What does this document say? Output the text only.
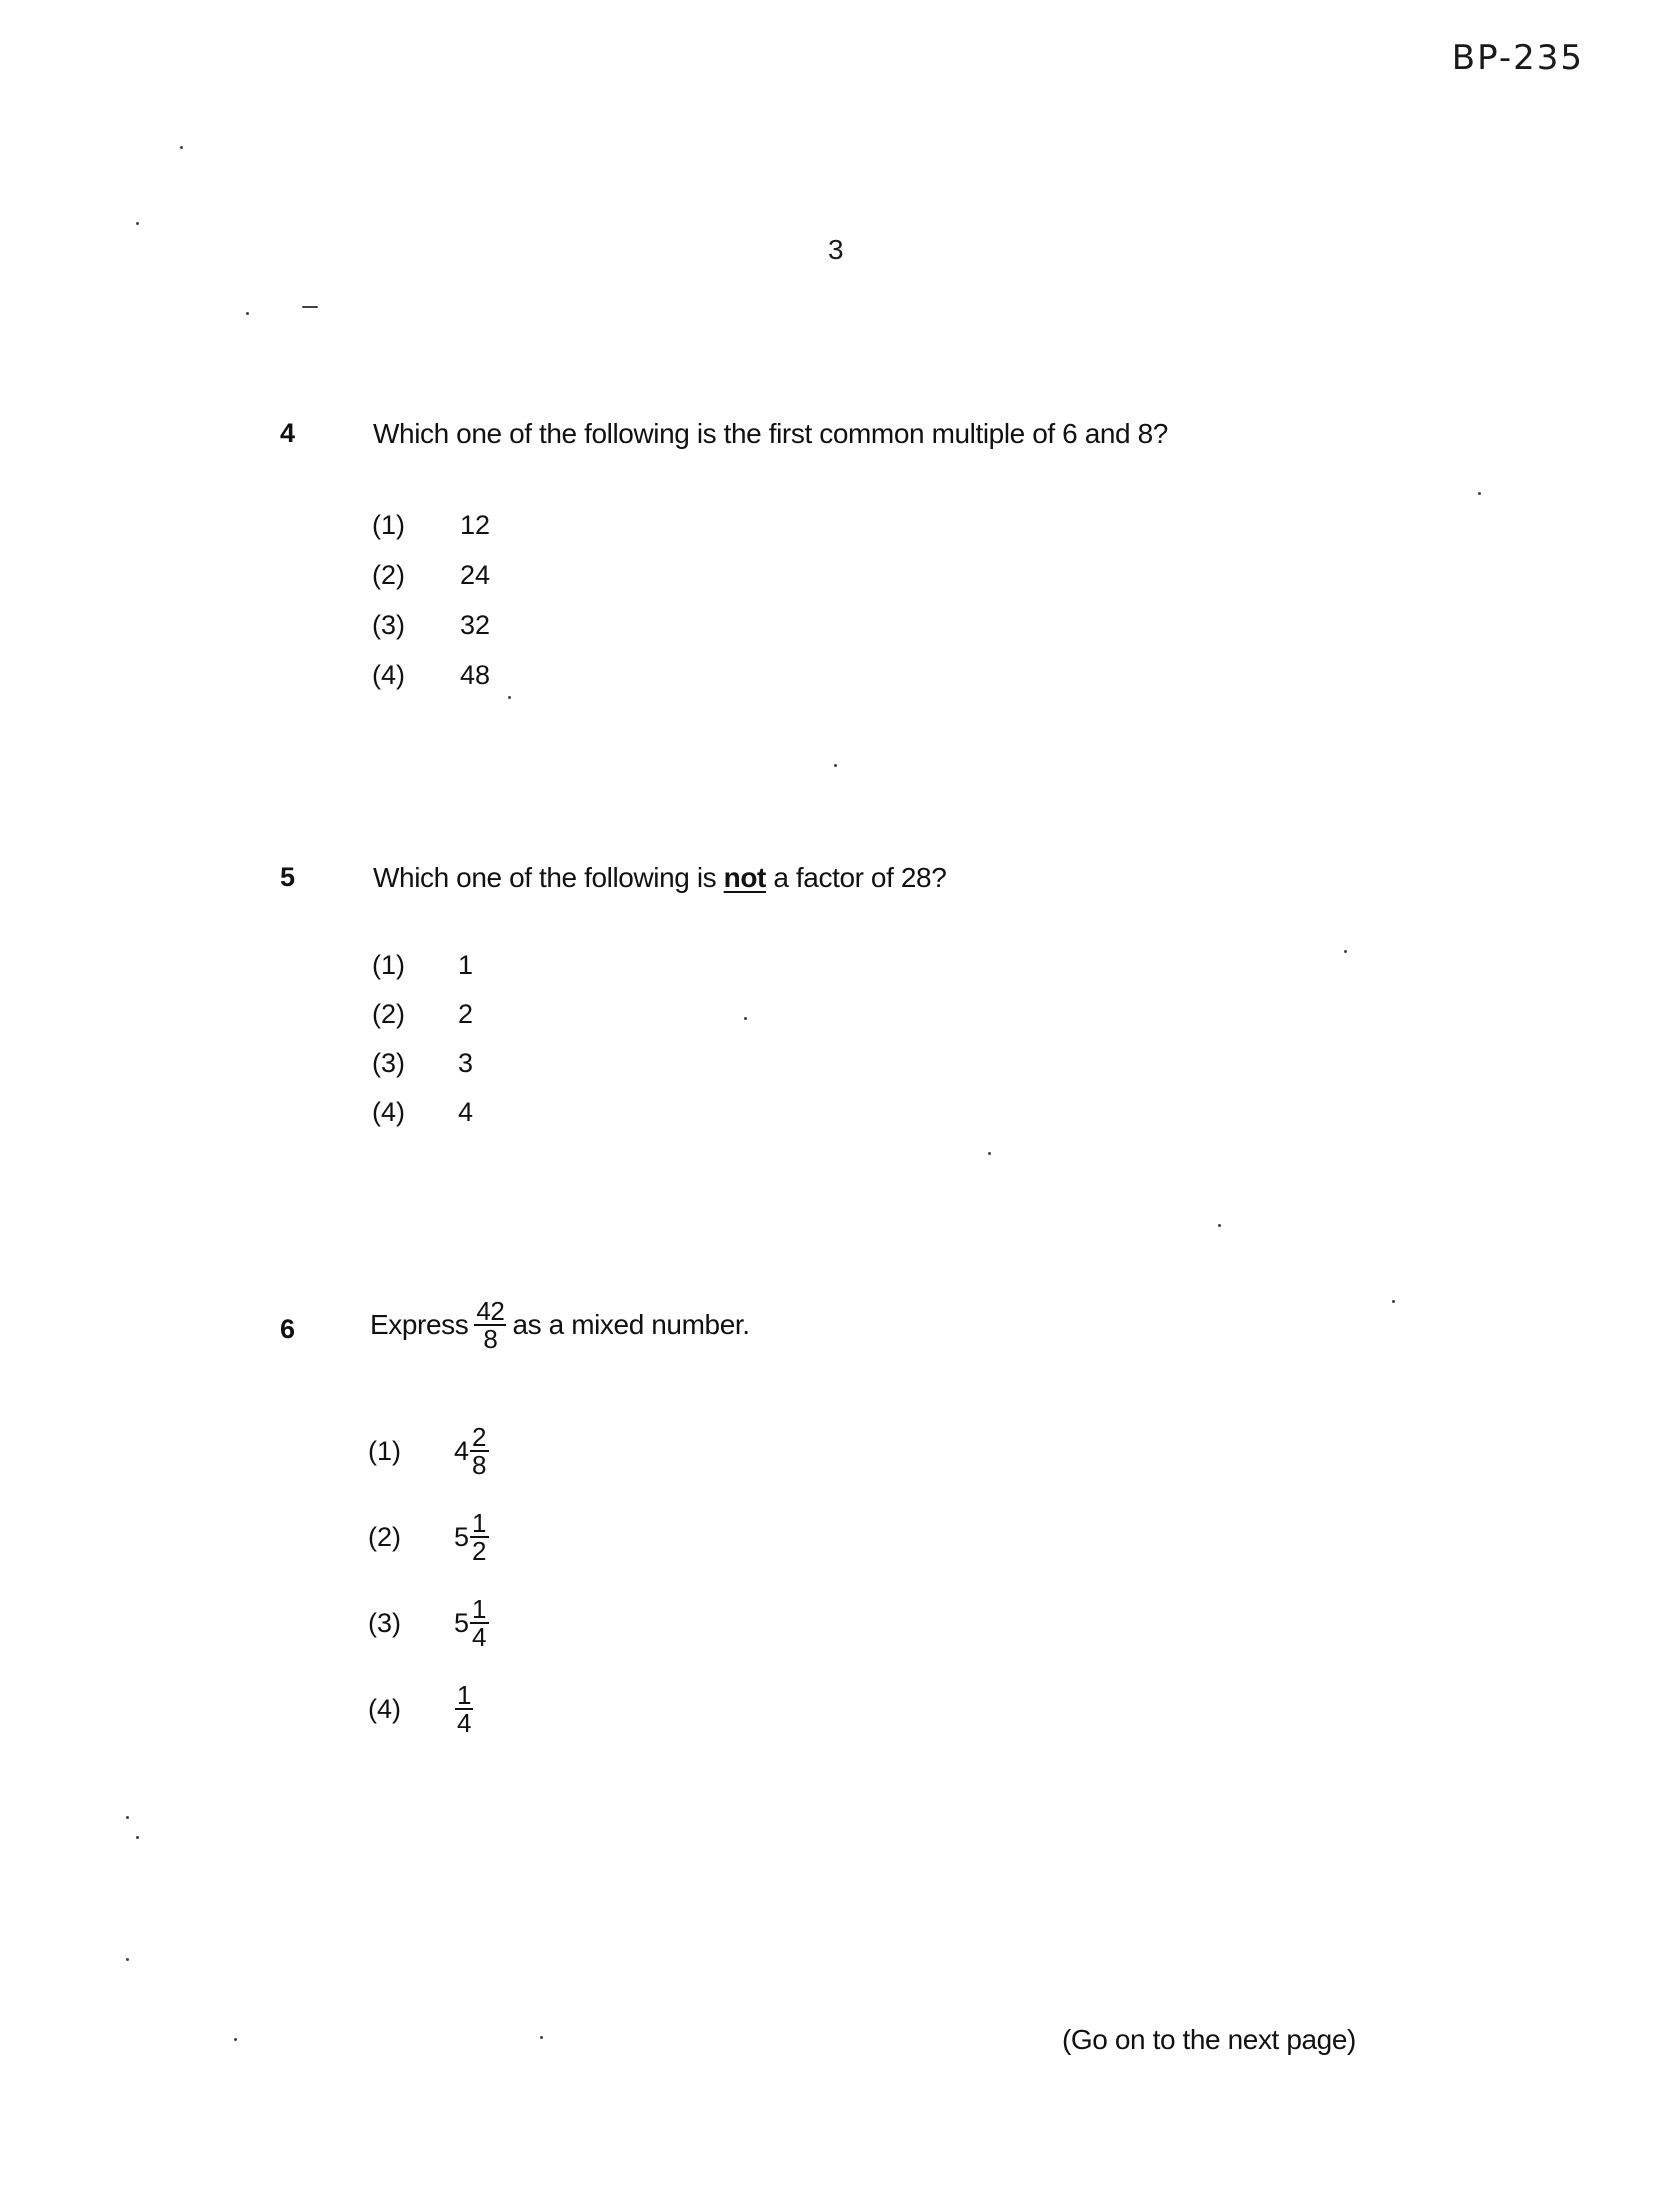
BP-235
3
4	Which one of the following is the first common multiple of 6 and 8?
(1) 12
(2) 24
(3) 32
(4) 48
5	Which one of the following is not a factor of 28?
(1) 1
(2) 2
(3) 3
(4) 4
6	Express $\frac{42}{8}$ as a mixed number.
(1)	$4 \frac{2}{8}$
(2)	$5 \frac{1}{2}$
(3)	$5 \frac{1}{4}$
(4)	$\frac{1}{4}$
(Go on to the next page)
